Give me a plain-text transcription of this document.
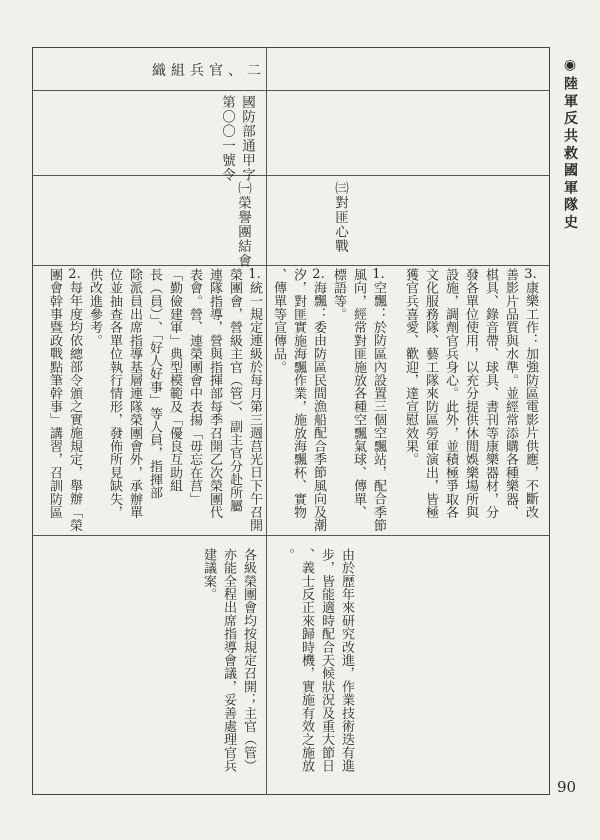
◉陸軍反共救國軍隊史
二、官兵組織
國防部通甲字
第〇〇一號令
㈢對匪心戰
㈠榮譽團結會
3.康樂工作：加強防區電影片供應，不斷改
善影片品質與水準。並經常添購各種樂器、
棋具、錄音帶、球具、書刊等康樂器材，分
發各單位使用，以充分提供休閒娛樂場所與
設施，調劑官兵身心。此外，並積極爭取各
文化服務隊、藝工隊來防區勞軍演出，皆極
獲官兵喜愛、歡迎，達宣慰效果。
1.空飄：於防區內設置三個空飄站，配合季節
風向，經常對匪施放各種空飄氣球、傳單、
標語等。
2.海飄：委由防區民間漁船配合季節風向及潮
汐，對匪實施海飄作業，施放海飄杯、實物
、傳單等宣傳品。
1.統一規定連級於每月第三週莒光日下午召開
榮團會，營級主官（管）、副主官分赴所屬
連隊指導，營與指揮部每季召開乙次榮團代
表會。營、連榮團會中表揚「毋忘在莒」
「勤儉建軍」典型模範及「優良互助組
長（員）」、「好人好事」等人員，指揮部
除派員出席指導基層連隊榮團會外，承辦單
位並抽查各單位執行情形，發佈所見缺失，
供改進參考。
2.每年度均依總部令頒之實施規定，舉辦「榮
團會幹事暨政戰點筆幹事」講習，召訓防區
由於歷年來研究改進，作業技術迭有進
步，皆能適時配合天候狀況及重大節日
、義士反正來歸時機，實施有效之施放
。
各級榮團會均按規定召開；主官（管）
亦能全程出席指導會議，妥善處理官兵
建議案。
90
